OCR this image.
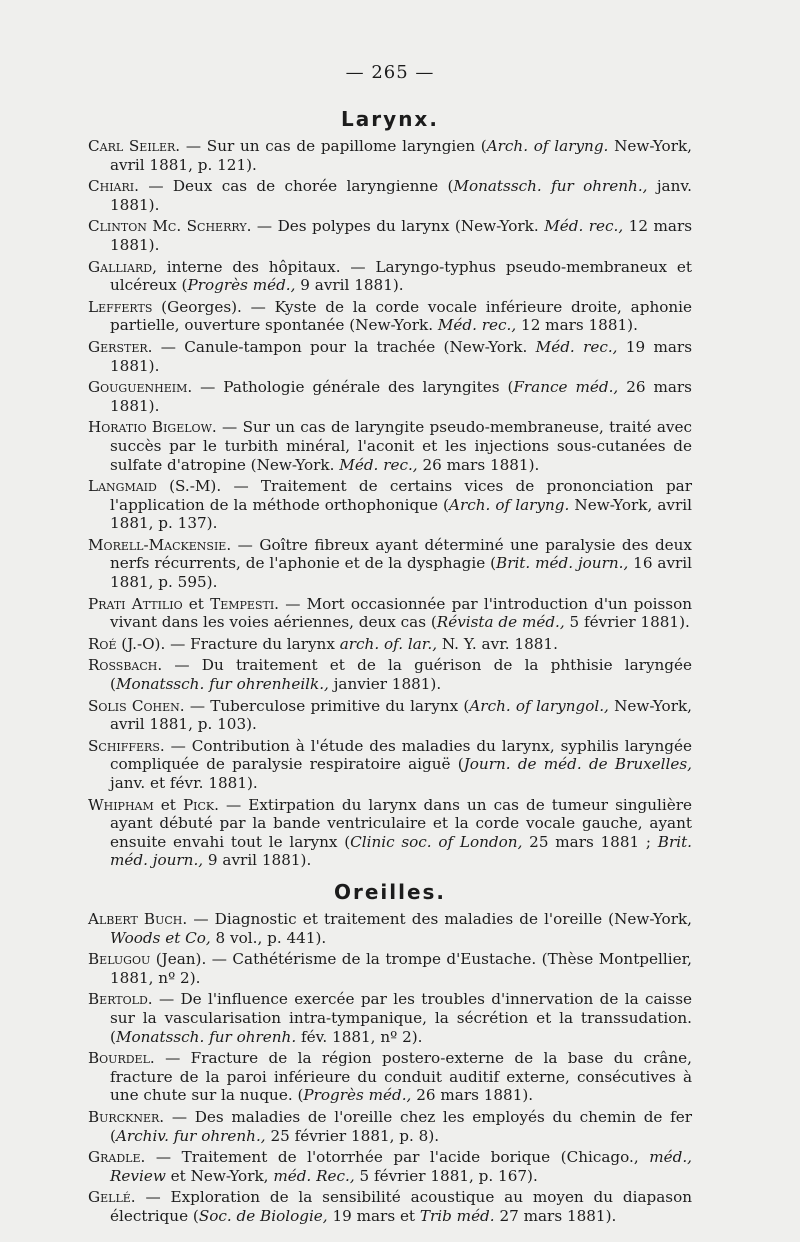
— 265 —
Larynx.
Carl Seiler. — Sur un cas de papillome laryngien (Arch. of laryng. New-York, avril 1881, p. 121).
Chiari. — Deux cas de chorée laryngienne (Monatssch. fur ohrenh., janv. 1881).
Clinton Mc. Scherry. — Des polypes du larynx (New-York. Méd. rec., 12 mars 1881).
Galliard, interne des hôpitaux. — Laryngo-typhus pseudo-membraneux et ulcéreux (Progrès méd., 9 avril 1881).
Lefferts (Georges). — Kyste de la corde vocale inférieure droite, aphonie partielle, ouverture spontanée (New-York. Méd. rec., 12 mars 1881).
Gerster. — Canule-tampon pour la trachée (New-York. Méd. rec., 19 mars 1881).
Gouguenheim. — Pathologie générale des laryngites (France méd., 26 mars 1881).
Horatio Bigelow. — Sur un cas de laryngite pseudo-membraneuse, traité avec succès par le turbith minéral, l'aconit et les injections sous-cutanées de sulfate d'atropine (New-York. Méd. rec., 26 mars 1881).
Langmaid (S.-M). — Traitement de certains vices de prononciation par l'application de la méthode orthophonique (Arch. of laryng. New-York, avril 1881, p. 137).
Morell-Mackensie. — Goître fibreux ayant déterminé une paralysie des deux nerfs récurrents, de l'aphonie et de la dysphagie (Brit. méd. journ., 16 avril 1881, p. 595).
Prati Attilio et Tempesti. — Mort occasionnée par l'introduction d'un poisson vivant dans les voies aériennes, deux cas (Révista de méd., 5 février 1881).
Roé (J.-O). — Fracture du larynx arch. of. lar., N. Y. avr. 1881.
Rossbach. — Du traitement et de la guérison de la phthisie laryngée (Monatssch. fur ohrenheilk., janvier 1881).
Solis Cohen. — Tuberculose primitive du larynx (Arch. of laryngol., New-York, avril 1881, p. 103).
Schiffers. — Contribution à l'étude des maladies du larynx, syphilis laryngée compliquée de paralysie respiratoire aiguë (Journ. de méd. de Bruxelles, janv. et févr. 1881).
Whipham et Pick. — Extirpation du larynx dans un cas de tumeur singulière ayant débuté par la bande ventriculaire et la corde vocale gauche, ayant ensuite envahi tout le larynx (Clinic soc. of London, 25 mars 1881 ; Brit. méd. journ., 9 avril 1881).
Oreilles.
Albert Buch. — Diagnostic et traitement des maladies de l'oreille (New-York, Woods et Co, 8 vol., p. 441).
Belugou (Jean). — Cathétérisme de la trompe d'Eustache. (Thèse Montpellier, 1881, nº 2).
Bertold. — De l'influence exercée par les troubles d'innervation de la caisse sur la vascularisation intra-tympanique, la sécrétion et la transsudation. (Monatssch. fur ohrenh. fév. 1881, nº 2).
Bourdel. — Fracture de la région postero-externe de la base du crâne, fracture de la paroi inférieure du conduit auditif externe, consécutives à une chute sur la nuque. (Progrès méd., 26 mars 1881).
Burckner. — Des maladies de l'oreille chez les employés du chemin de fer (Archiv. fur ohrenh., 25 février 1881, p. 8).
Gradle. — Traitement de l'otorrhée par l'acide borique (Chicago., méd., Review et New-York, méd. Rec., 5 février 1881, p. 167).
Gellé. — Exploration de la sensibilité acoustique au moyen du diapason électrique (Soc. de Biologie, 19 mars et Trib méd. 27 mars 1881).
